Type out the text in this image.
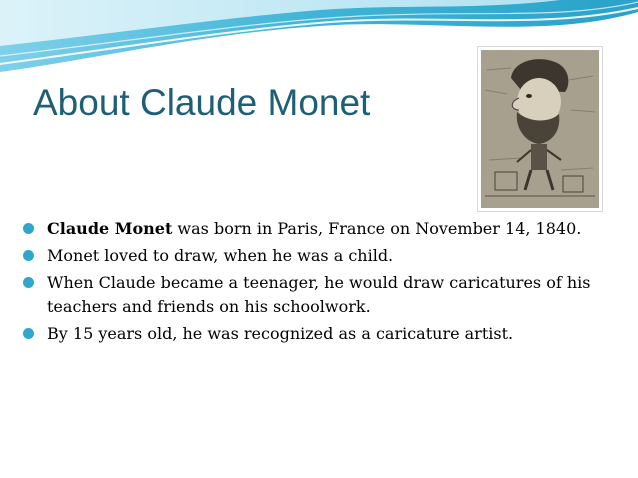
About Claude Monet
Claude Monet was born in Paris, France on November 14, 1840.
Monet loved to draw, when he was a child.
When Claude became a teenager, he would draw caricatures of his teachers and friends on his schoolwork.
By 15 years old, he was recognized as a caricature artist.
